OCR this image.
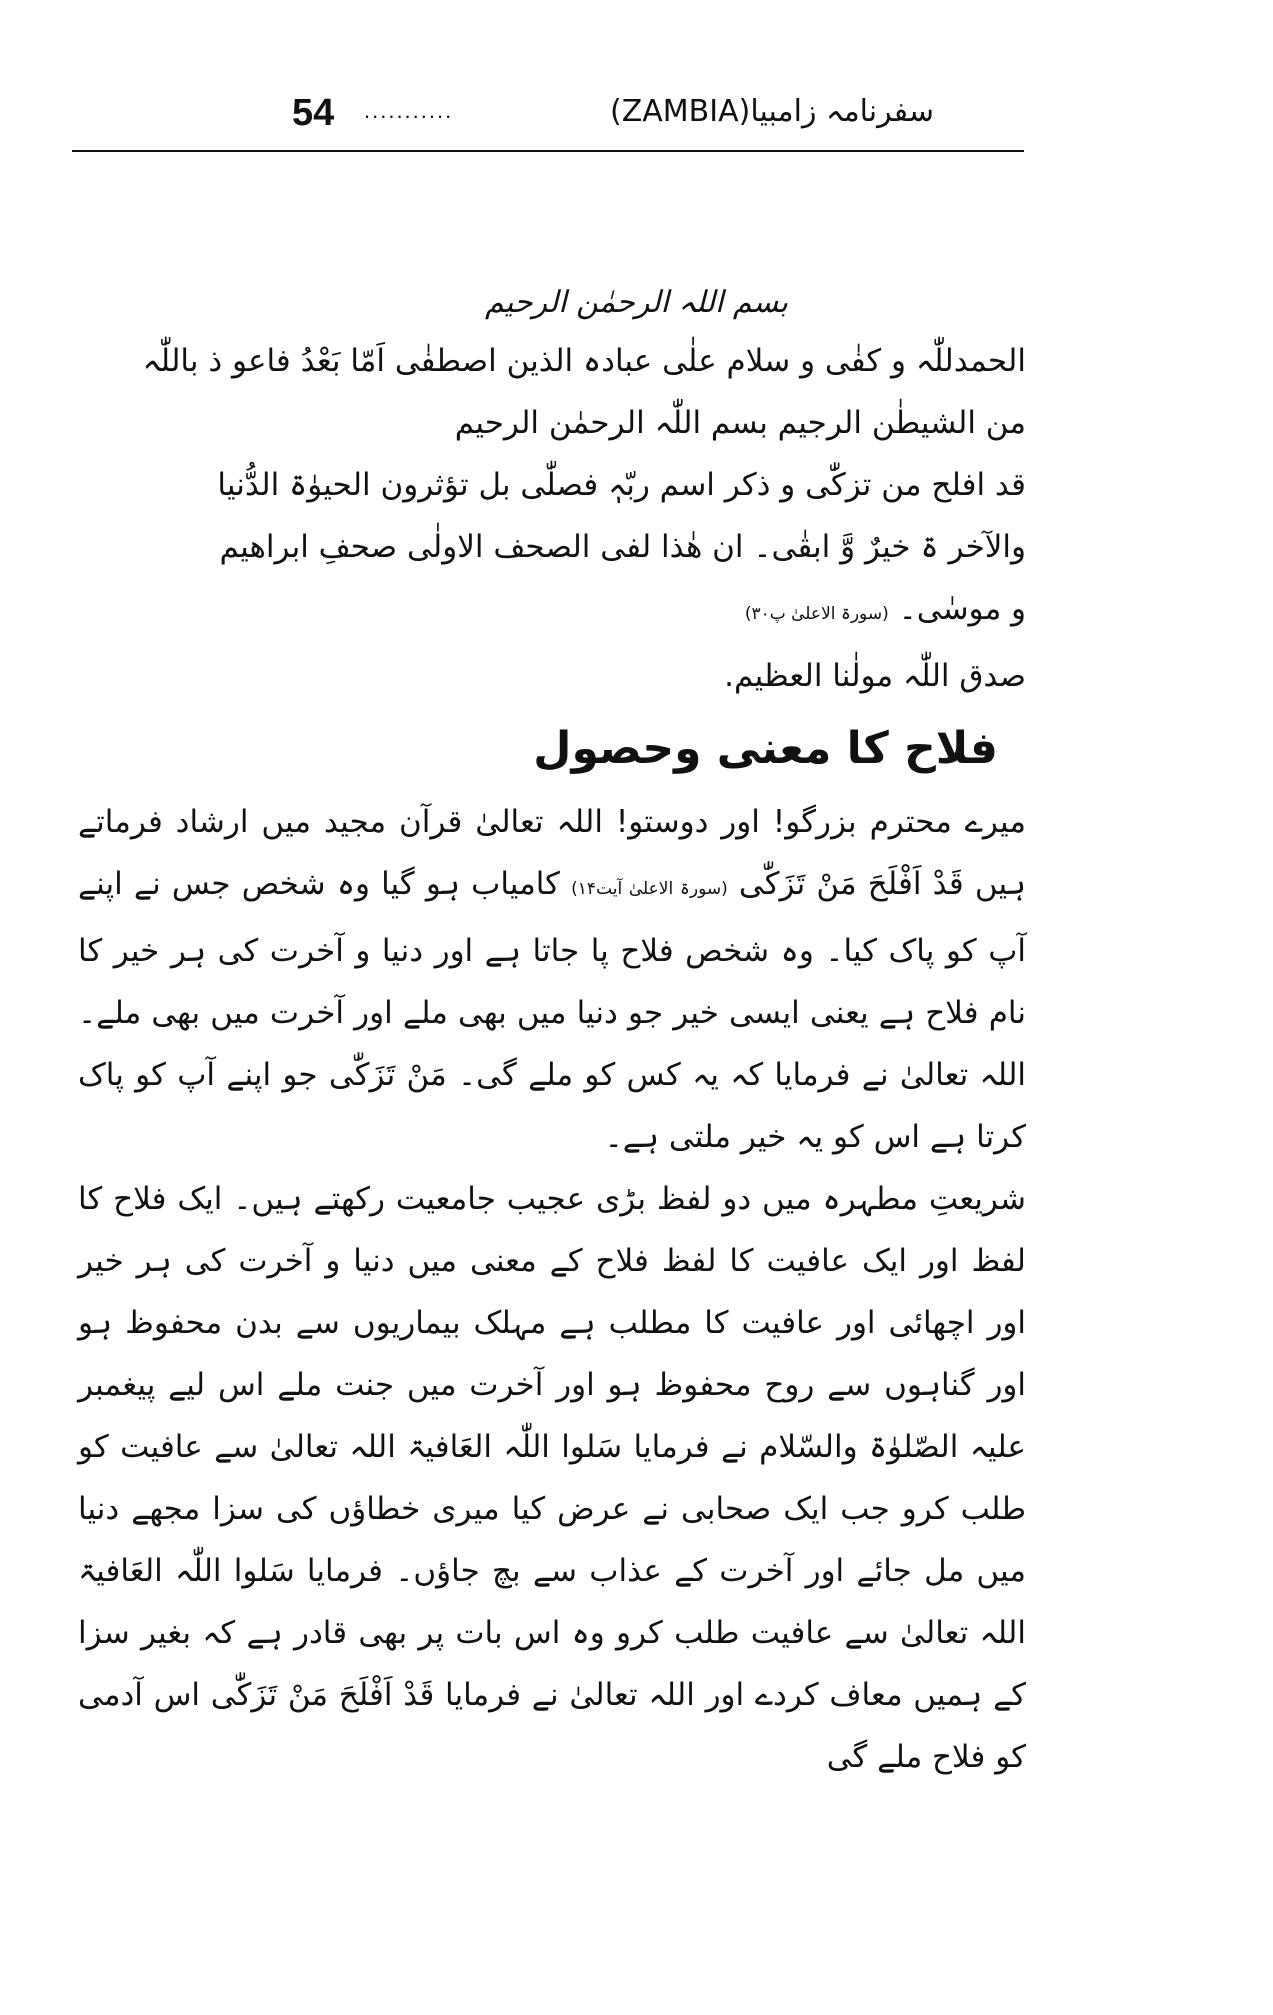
54 ...........	سفرنامہ زامبیا(ZAMBIA)
بسم اللہ الرحمٰن الرحیم

الحمدللّٰہ و کفٰی و سلام علٰی عبادہ الذین اصطفٰی اَمّا بَعْدُ فاعو ذ باللّٰہ

من الشیطٰن الرجیم بسم اللّٰہ الرحمٰن الرحیم

قد افلح من تزکّٰی و ذکر اسم ربّہٖ فصلّٰی بل تؤثرون الحیوٰۃ الدُّنیا

والآخر ۃ خیرٌ وَّ ابقٰی۔ ان ھٰذا لفی الصحف الاولٰی صحفِ ابراھیم

و موسٰی۔ (سورۃ الاعلیٰ پ۳۰)

صدق اللّٰہ مولٰنا العظیم.

فلاح کا معنی وحصول

میرے محترم بزرگو! اور دوستو! اللہ تعالیٰ قرآن مجید میں ارشاد فرماتے ہیں قَدْ اَفْلَحَ مَنْ تَزَکّٰی (سورۃ الاعلیٰ آیت۱۴) کامیاب ہو گیا وہ شخص جس نے اپنے آپ کو پاک کیا۔ وہ شخص فلاح پا جاتا ہے اور دنیا و آخرت کی ہر خیر کا نام فلاح ہے یعنی ایسی خیر جو دنیا میں بھی ملے اور آخرت میں بھی ملے۔ اللہ تعالیٰ نے فرمایا کہ یہ کس کو ملے گی۔ مَنْ تَزَکّٰی جو اپنے آپ کو پاک کرتا ہے اس کو یہ خیر ملتی ہے۔

شریعتِ مطہرہ میں دو لفظ بڑی عجیب جامعیت رکھتے ہیں۔ ایک فلاح کا لفظ اور ایک عافیت کا لفظ فلاح کے معنی میں دنیا و آخرت کی ہر خیر اور اچھائی اور عافیت کا مطلب ہے مہلک بیماریوں سے بدن محفوظ ہو اور گناہوں سے روح محفوظ ہو اور آخرت میں جنت ملے اس لیے پیغمبر علیہ الصّلوٰۃ والسّلام نے فرمایا سَلوا اللّٰہ العَافیۃ اللہ تعالیٰ سے عافیت کو طلب کرو جب ایک صحابی نے عرض کیا میری خطاؤں کی سزا مجھے دنیا میں مل جائے اور آخرت کے عذاب سے بچ جاؤں۔ فرمایا سَلوا اللّٰہ العَافیۃ اللہ تعالیٰ سے عافیت طلب کرو وہ اس بات پر بھی قادر ہے کہ بغیر سزا کے ہمیں معاف کردے اور اللہ تعالیٰ نے فرمایا قَدْ اَفْلَحَ مَنْ تَزَکّٰی اس آدمی کو فلاح ملے گی
